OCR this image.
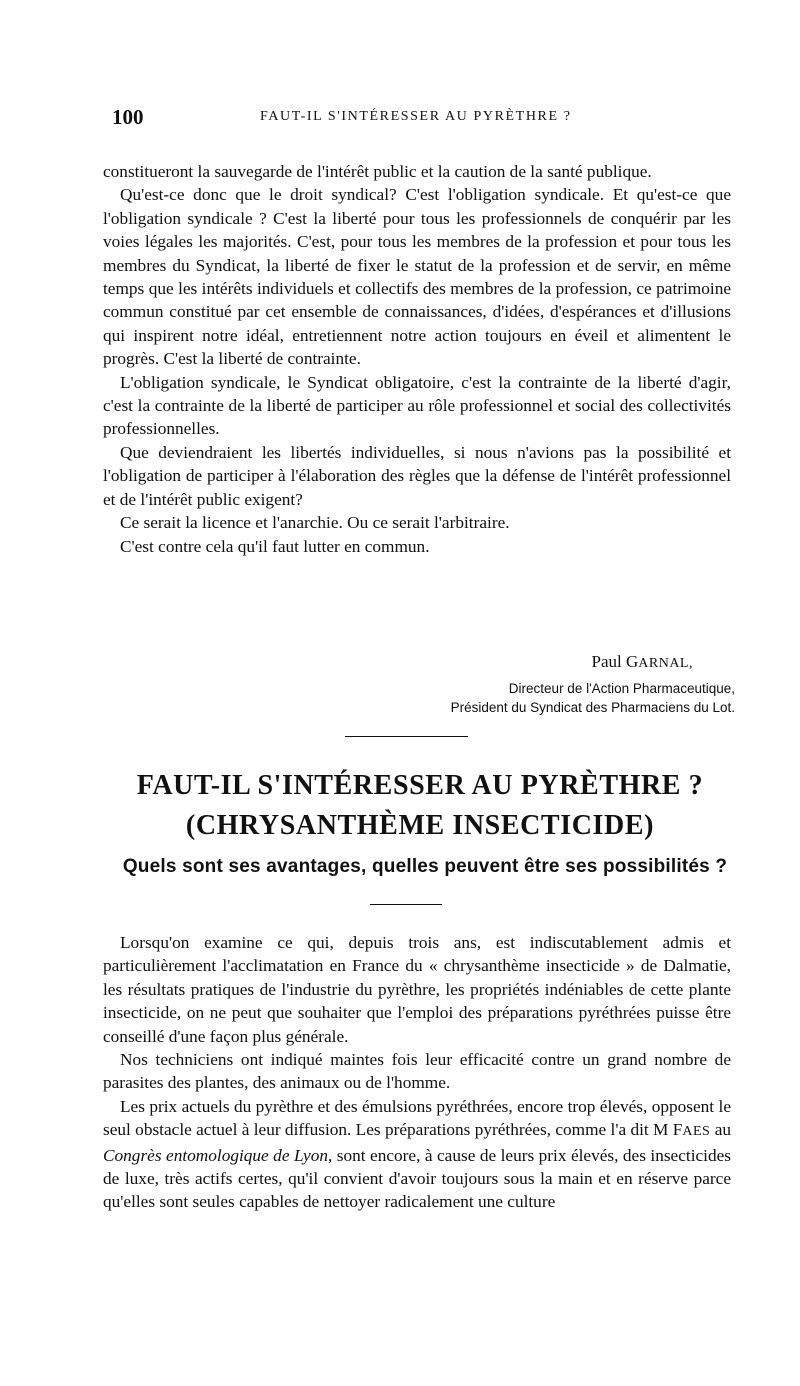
100	FAUT-IL S'INTÉRESSER AU PYRÈTHRE ?

constitueront la sauvegarde de l'intérêt public et la caution de la santé publique.

Qu'est-ce donc que le droit syndical? C'est l'obligation syndicale. Et qu'est-ce que l'obligation syndicale ? C'est la liberté pour tous les professionnels de conquérir par les voies légales les majorités. C'est, pour tous les membres de la profession et pour tous les membres du Syndicat, la liberté de fixer le statut de la profession et de servir, en même temps que les intérêts individuels et collectifs des membres de la profession, ce patrimoine commun constitué par cet ensemble de connaissances, d'idées, d'espérances et d'illusions qui inspirent notre idéal, entretiennent notre action toujours en éveil et alimentent le progrès. C'est la liberté de contrainte.

L'obligation syndicale, le Syndicat obligatoire, c'est la contrainte de la liberté d'agir, c'est la contrainte de la liberté de participer au rôle professionnel et social des collectivités professionnelles.

Que deviendraient les libertés individuelles, si nous n'avions pas la possibilité et l'obligation de participer à l'élaboration des règles que la défense de l'intérêt professionnel et de l'intérêt public exigent?

Ce serait la licence et l'anarchie. Ou ce serait l'arbitraire.

C'est contre cela qu'il faut lutter en commun.

Paul GARNAL,
Directeur de l'Action Pharmaceutique,
Président du Syndicat des Pharmaciens du Lot.
FAUT-IL S'INTÉRESSER AU PYRÈTHRE ?
(CHRYSANTHÈME INSECTICIDE)
Quels sont ses avantages, quelles peuvent être ses possibilités ?

Lorsqu'on examine ce qui, depuis trois ans, est indiscutablement admis et particulièrement l'acclimatation en France du « chrysanthème insecticide » de Dalmatie, les résultats pratiques de l'industrie du pyrèthre, les propriétés indéniables de cette plante insecticide, on ne peut que souhaiter que l'emploi des préparations pyréthrées puisse être conseillé d'une façon plus générale.

Nos techniciens ont indiqué maintes fois leur efficacité contre un grand nombre de parasites des plantes, des animaux ou de l'homme.

Les prix actuels du pyrèthre et des émulsions pyréthrées, encore trop élevés, opposent le seul obstacle actuel à leur diffusion. Les préparations pyréthrées, comme l'a dit M FAES au Congrès entomologique de Lyon, sont encore, à cause de leurs prix élevés, des insecticides de luxe, très actifs certes, qu'il convient d'avoir toujours sous la main et en réserve parce qu'elles sont seules capables de nettoyer radicalement une culture
